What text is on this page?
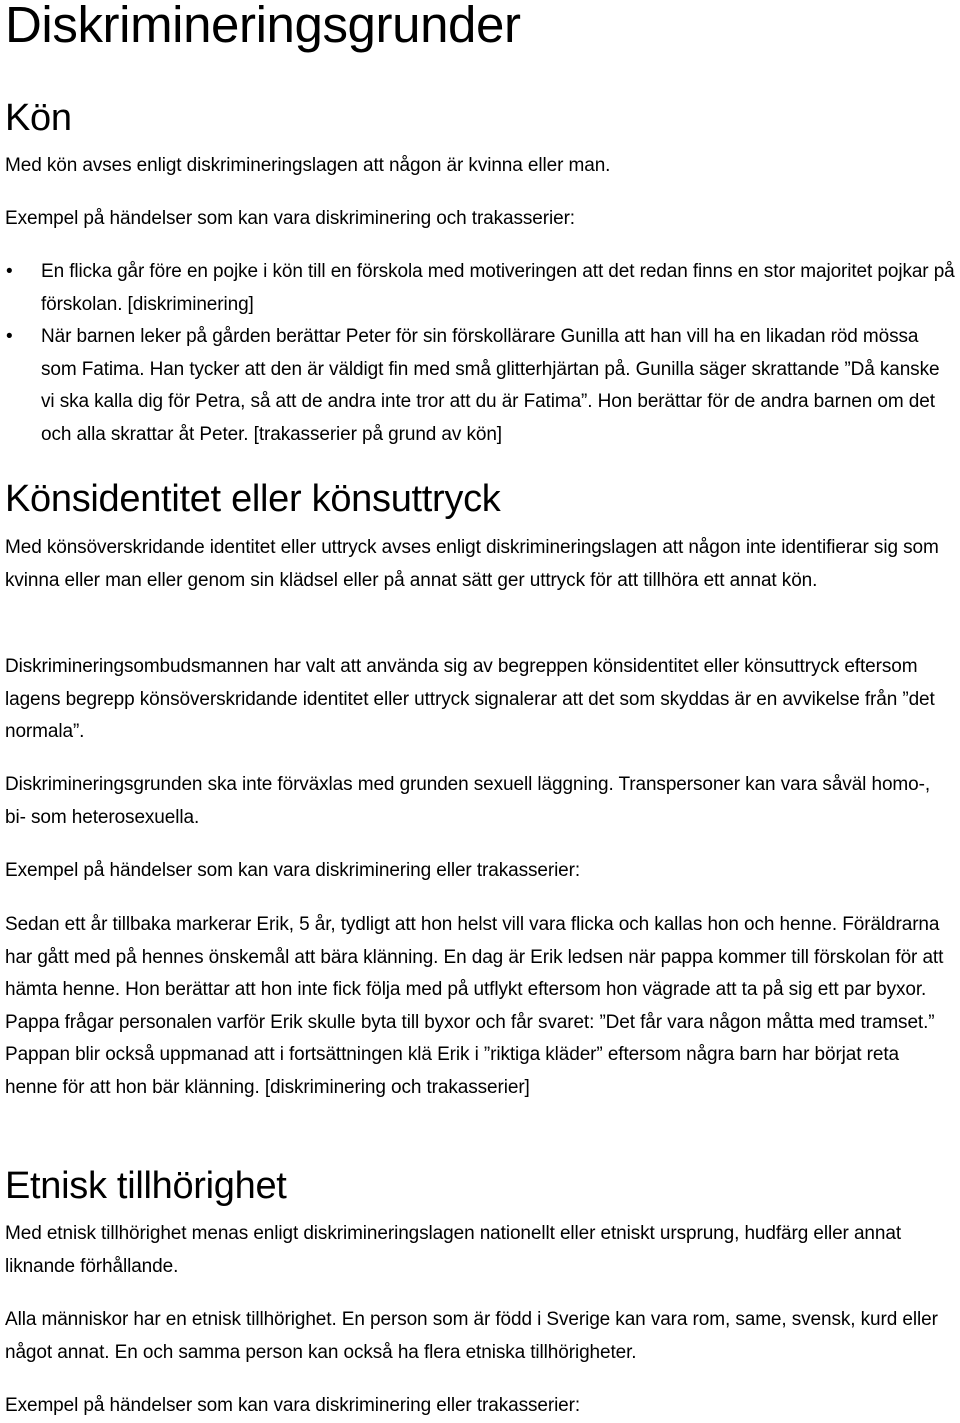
Diskrimineringsgrunder
Kön

Med kön avses enligt diskrimineringslagen att någon är kvinna eller man.

Exempel på händelser som kan vara diskriminering och trakasserier:

• En flicka går före en pojke i kön till en förskola med motiveringen att det redan finns en stor majoritet pojkar på förskolan. [diskriminering]
• När barnen leker på gården berättar Peter för sin förskollärare Gunilla att han vill ha en likadan röd mössa som Fatima. Han tycker att den är väldigt fin med små glitterhjärtan på. Gunilla säger skrattande ”Då kanske vi ska kalla dig för Petra, så att de andra inte tror att du är Fatima”. Hon berättar för de andra barnen om det och alla skrattar åt Peter. [trakasserier på grund av kön]
Könsidentitet eller könsuttryck

Med könsöverskridande identitet eller uttryck avses enligt diskrimineringslagen att någon inte identifierar sig som kvinna eller man eller genom sin klädsel eller på annat sätt ger uttryck för att tillhöra ett annat kön.

Diskrimineringsombudsmannen har valt att använda sig av begreppen könsidentitet eller könsuttryck eftersom lagens begrepp könsöverskridande identitet eller uttryck signalerar att det som skyddas är en avvikelse från ”det normala”.

Diskrimineringsgrunden ska inte förväxlas med grunden sexuell läggning. Transpersoner kan vara såväl homo-, bi- som heterosexuella.

Exempel på händelser som kan vara diskriminering eller trakasserier:

Sedan ett år tillbaka markerar Erik, 5 år, tydligt att hon helst vill vara flicka och kallas hon och henne. Föräldrarna har gått med på hennes önskemål att bära klänning. En dag är Erik ledsen när pappa kommer till förskolan för att hämta henne. Hon berättar att hon inte fick följa med på utflykt eftersom hon vägrade att ta på sig ett par byxor. Pappa frågar personalen varför Erik skulle byta till byxor och får svaret: ”Det får vara någon måtta med tramset.” Pappan blir också uppmanad att i fortsättningen klä Erik i ”riktiga kläder” eftersom några barn har börjat reta henne för att hon bär klänning. [diskriminering och trakasserier]

Etnisk tillhörighet

Med etnisk tillhörighet menas enligt diskrimineringslagen nationellt eller etniskt ursprung, hudfärg eller annat liknande förhållande.

Alla människor har en etnisk tillhörighet. En person som är född i Sverige kan vara rom, same, svensk, kurd eller något annat. En och samma person kan också ha flera etniska tillhörigheter.

Exempel på händelser som kan vara diskriminering eller trakasserier:
